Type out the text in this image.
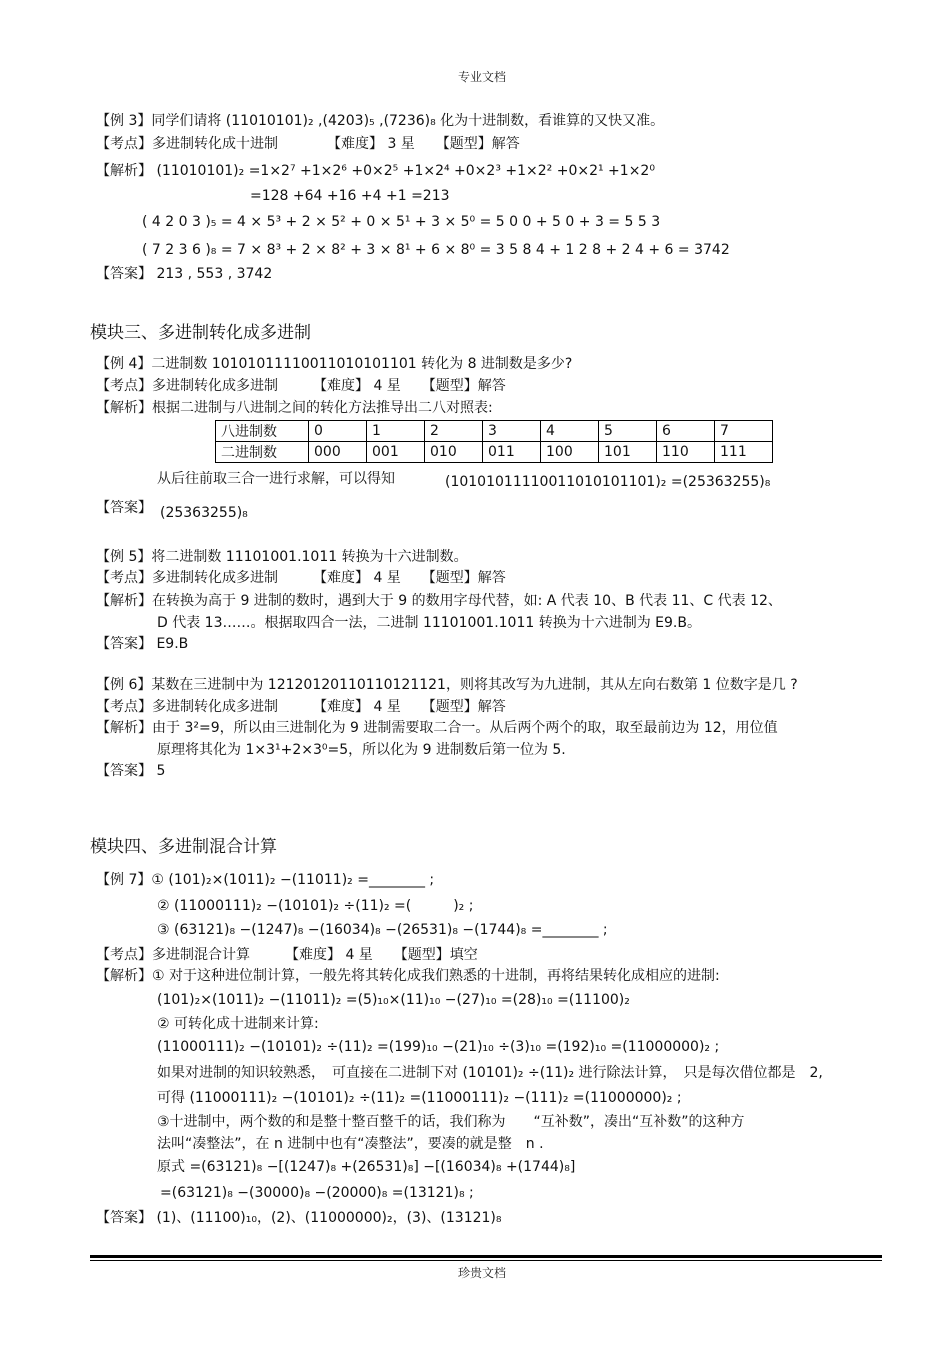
专业文档
【例 3】同学们请将 (11010101)₂ ,(4203)₅ ,(7236)₈ 化为十进制数，看谁算的又快又准。
【考点】多进制转化成十进制　　　　【难度】 3 星　　【题型】解答
【解析】 (11010101)₂ =1×2⁷ +1×2⁶ +0×2⁵ +1×2⁴ +0×2³ +1×2² +0×2¹ +1×2⁰
=128 +64 +16 +4 +1 =213
( 4 2 0 3 )₅ = 4 × 5³ + 2 × 5² + 0 × 5¹ + 3 × 5⁰ = 5 0 0 + 5 0 + 3 = 5 5 3
( 7 2 3 6 )₈ = 7 × 8³ + 2 × 8² + 3 × 8¹ + 6 × 8⁰ = 3 5 8 4 + 1 2 8 + 2 4 + 6 = 3742
【答案】 213 , 553 , 3742
模块三、多进制转化成多进制
【例 4】二进制数 10101011110011010101101 转化为 8 进制数是多少?
【考点】多进制转化成多进制　　　【难度】 4 星　　【题型】解答
【解析】根据二进制与八进制之间的转化方法推导出二八对照表:
八进制数	0	1	2	3	4	5	6	7
二进制数	000	001	010	011	100	101	110	111
从后往前取三合一进行求解，可以得知	(10101011110011010101101)₂ =(25363255)₈
【答案】 (25363255)₈
【例 5】将二进制数 11101001.1011 转换为十六进制数。
【考点】多进制转化成多进制　　　【难度】 4 星　　【题型】解答
【解析】在转换为高于 9 进制的数时，遇到大于 9 的数用字母代替，如: A 代表 10、B 代表 11、C 代表 12、
D 代表 13……。根据取四合一法，二进制 11101001.1011 转换为十六进制为 E9.B。
【答案】 E9.B
【例 6】某数在三进制中为 12120120110110121121，则将其改写为九进制，其从左向右数第 1 位数字是几 ?
【考点】多进制转化成多进制　　　【难度】 4 星　　【题型】解答
【解析】由于 3²=9，所以由三进制化为 9 进制需要取二合一。从后两个两个的取，取至最前边为 12，用位值
原理将其化为 1×3¹+2×3⁰=5，所以化为 9 进制数后第一位为 5.
【答案】 5
模块四、多进制混合计算
【例 7】① (101)₂×(1011)₂ −(11011)₂ =________ ;
② (11000111)₂ −(10101)₂ ÷(11)₂ =(　　　)₂ ;
③ (63121)₈ −(1247)₈ −(16034)₈ −(26531)₈ −(1744)₈ =________ ;
【考点】多进制混合计算　　　【难度】 4 星　　【题型】填空
【解析】① 对于这种进位制计算，一般先将其转化成我们熟悉的十进制，再将结果转化成相应的进制:
(101)₂×(1011)₂ −(11011)₂ =(5)₁₀×(11)₁₀ −(27)₁₀ =(28)₁₀ =(11100)₂
② 可转化成十进制来计算:
(11000111)₂ −(10101)₂ ÷(11)₂ =(199)₁₀ −(21)₁₀ ÷(3)₁₀ =(192)₁₀ =(11000000)₂ ;
如果对进制的知识较熟悉，　可直接在二进制下对 (10101)₂ ÷(11)₂ 进行除法计算，　只是每次借位都是　2,
可得 (11000111)₂ −(10101)₂ ÷(11)₂ =(11000111)₂ −(111)₂ =(11000000)₂ ;
③十进制中，两个数的和是整十整百整千的话，我们称为　　“互补数”，凑出“互补数”的这种方
法叫“凑整法”，在 n 进制中也有“凑整法”，要凑的就是整　n .
原式 =(63121)₈ −[(1247)₈ +(26531)₈] −[(16034)₈ +(1744)₈]
=(63121)₈ −(30000)₈ −(20000)₈ =(13121)₈ ;
【答案】 (1)、(11100)₁₀，(2)、(11000000)₂，(3)、(13121)₈
珍贵文档
